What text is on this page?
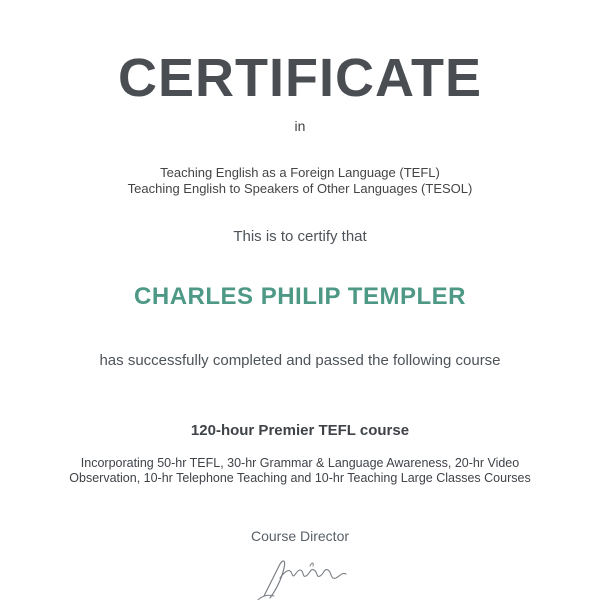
CERTIFICATE
in
Teaching English as a Foreign Language (TEFL)
Teaching English to Speakers of Other Languages (TESOL)
This is to certify that
CHARLES PHILIP TEMPLER
has successfully completed and passed the following course
120-hour Premier TEFL course
Incorporating 50-hr TEFL, 30-hr Grammar & Language Awareness, 20-hr Video
Observation, 10-hr Telephone Teaching and 10-hr Teaching Large Classes Courses
Course Director
